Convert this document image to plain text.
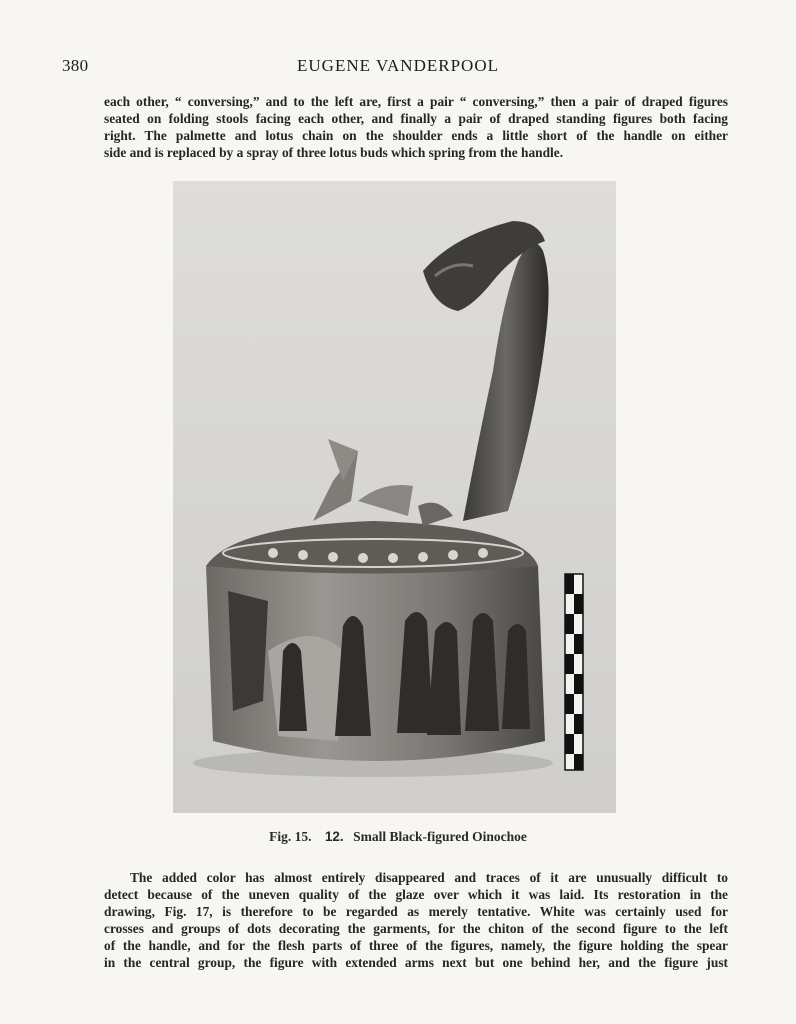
380	EUGENE VANDERPOOL
each other, “ conversing,” and to the left are, first a pair “ conversing,” then a pair of draped figures
seated on folding stools facing each other, and finally a pair of draped standing figures both facing
right. The palmette and lotus chain on the shoulder ends a little short of the handle on either
side and is replaced by a spray of three lotus buds which spring from the handle.
Fig. 15. 12. Small Black-figured Oinochoe
The added color has almost entirely disappeared and traces of it are unusually difficult to
detect because of the uneven quality of the glaze over which it was laid. Its restoration in the
drawing, Fig. 17, is therefore to be regarded as merely tentative. White was certainly used for
crosses and groups of dots decorating the garments, for the chiton of the second figure to the left
of the handle, and for the flesh parts of three of the figures, namely, the figure holding the spear
in the central group, the figure with extended arms next but one behind her, and the figure just
